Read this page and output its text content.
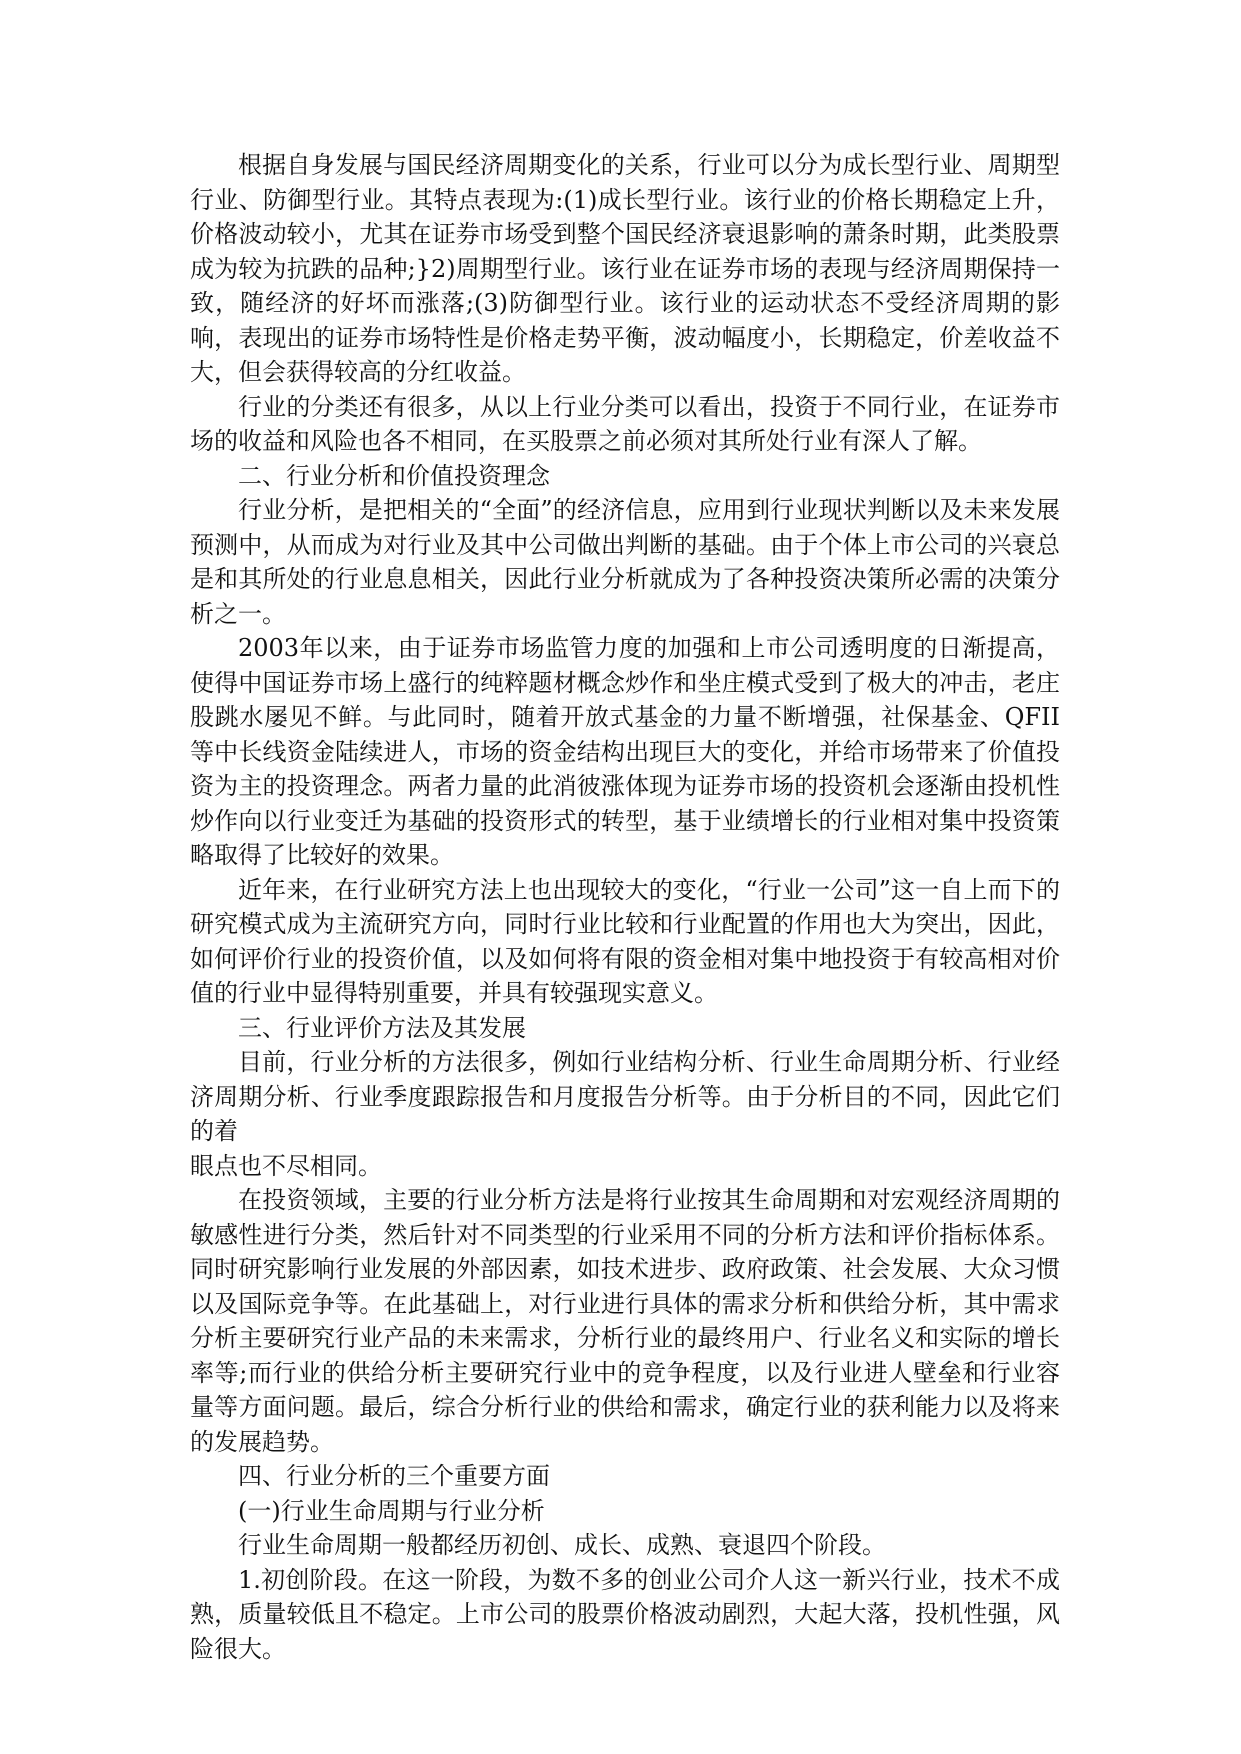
根据自身发展与国民经济周期变化的关系，行业可以分为成长型行业、周期型行业、防御型行业。其特点表现为:(1)成长型行业。该行业的价格长期稳定上升，价格波动较小，尤其在证券市场受到整个国民经济衰退影响的萧条时期，此类股票成为较为抗跌的品种;}2)周期型行业。该行业在证券市场的表现与经济周期保持一致，随经济的好坏而涨落;(3)防御型行业。该行业的运动状态不受经济周期的影响，表现出的证券市场特性是价格走势平衡，波动幅度小，长期稳定，价差收益不大，但会获得较高的分红收益。

行业的分类还有很多，从以上行业分类可以看出，投资于不同行业，在证券市场的收益和风险也各不相同，在买股票之前必须对其所处行业有深人了解。

二、行业分析和价值投资理念

行业分析，是把相关的“全面”的经济信息，应用到行业现状判断以及未来发展预测中，从而成为对行业及其中公司做出判断的基础。由于个体上市公司的兴衰总是和其所处的行业息息相关，因此行业分析就成为了各种投资决策所必需的决策分析之一。

2003年以来，由于证券市场监管力度的加强和上市公司透明度的日渐提高，使得中国证券市场上盛行的纯粹题材概念炒作和坐庄模式受到了极大的冲击，老庄股跳水屡见不鲜。与此同时，随着开放式基金的力量不断增强，社保基金、QFII等中长线资金陆续进人，市场的资金结构出现巨大的变化，并给市场带来了价值投资为主的投资理念。两者力量的此消彼涨体现为证券市场的投资机会逐渐由投机性炒作向以行业变迁为基础的投资形式的转型，基于业绩增长的行业相对集中投资策略取得了比较好的效果。

近年来，在行业研究方法上也出现较大的变化，“行业一公司”这一自上而下的研究模式成为主流研究方向，同时行业比较和行业配置的作用也大为突出，因此，如何评价行业的投资价值，以及如何将有限的资金相对集中地投资于有较高相对价值的行业中显得特别重要，并具有较强现实意义。

三、行业评价方法及其发展

目前，行业分析的方法很多，例如行业结构分析、行业生命周期分析、行业经济周期分析、行业季度跟踪报告和月度报告分析等。由于分析目的不同，因此它们的着

眼点也不尽相同。

在投资领域，主要的行业分析方法是将行业按其生命周期和对宏观经济周期的敏感性进行分类，然后针对不同类型的行业采用不同的分析方法和评价指标体系。同时研究影响行业发展的外部因素，如技术进步、政府政策、社会发展、大众习惯以及国际竞争等。在此基础上，对行业进行具体的需求分析和供给分析，其中需求分析主要研究行业产品的未来需求，分析行业的最终用户、行业名义和实际的增长率等;而行业的供给分析主要研究行业中的竞争程度，以及行业进人壁垒和行业容量等方面问题。最后，综合分析行业的供给和需求，确定行业的获利能力以及将来的发展趋势。

四、行业分析的三个重要方面

(一)行业生命周期与行业分析

行业生命周期一般都经历初创、成长、成熟、衰退四个阶段。

1.初创阶段。在这一阶段，为数不多的创业公司介人这一新兴行业，技术不成熟，质量较低且不稳定。上市公司的股票价格波动剧烈，大起大落，投机性强，风险很大。
